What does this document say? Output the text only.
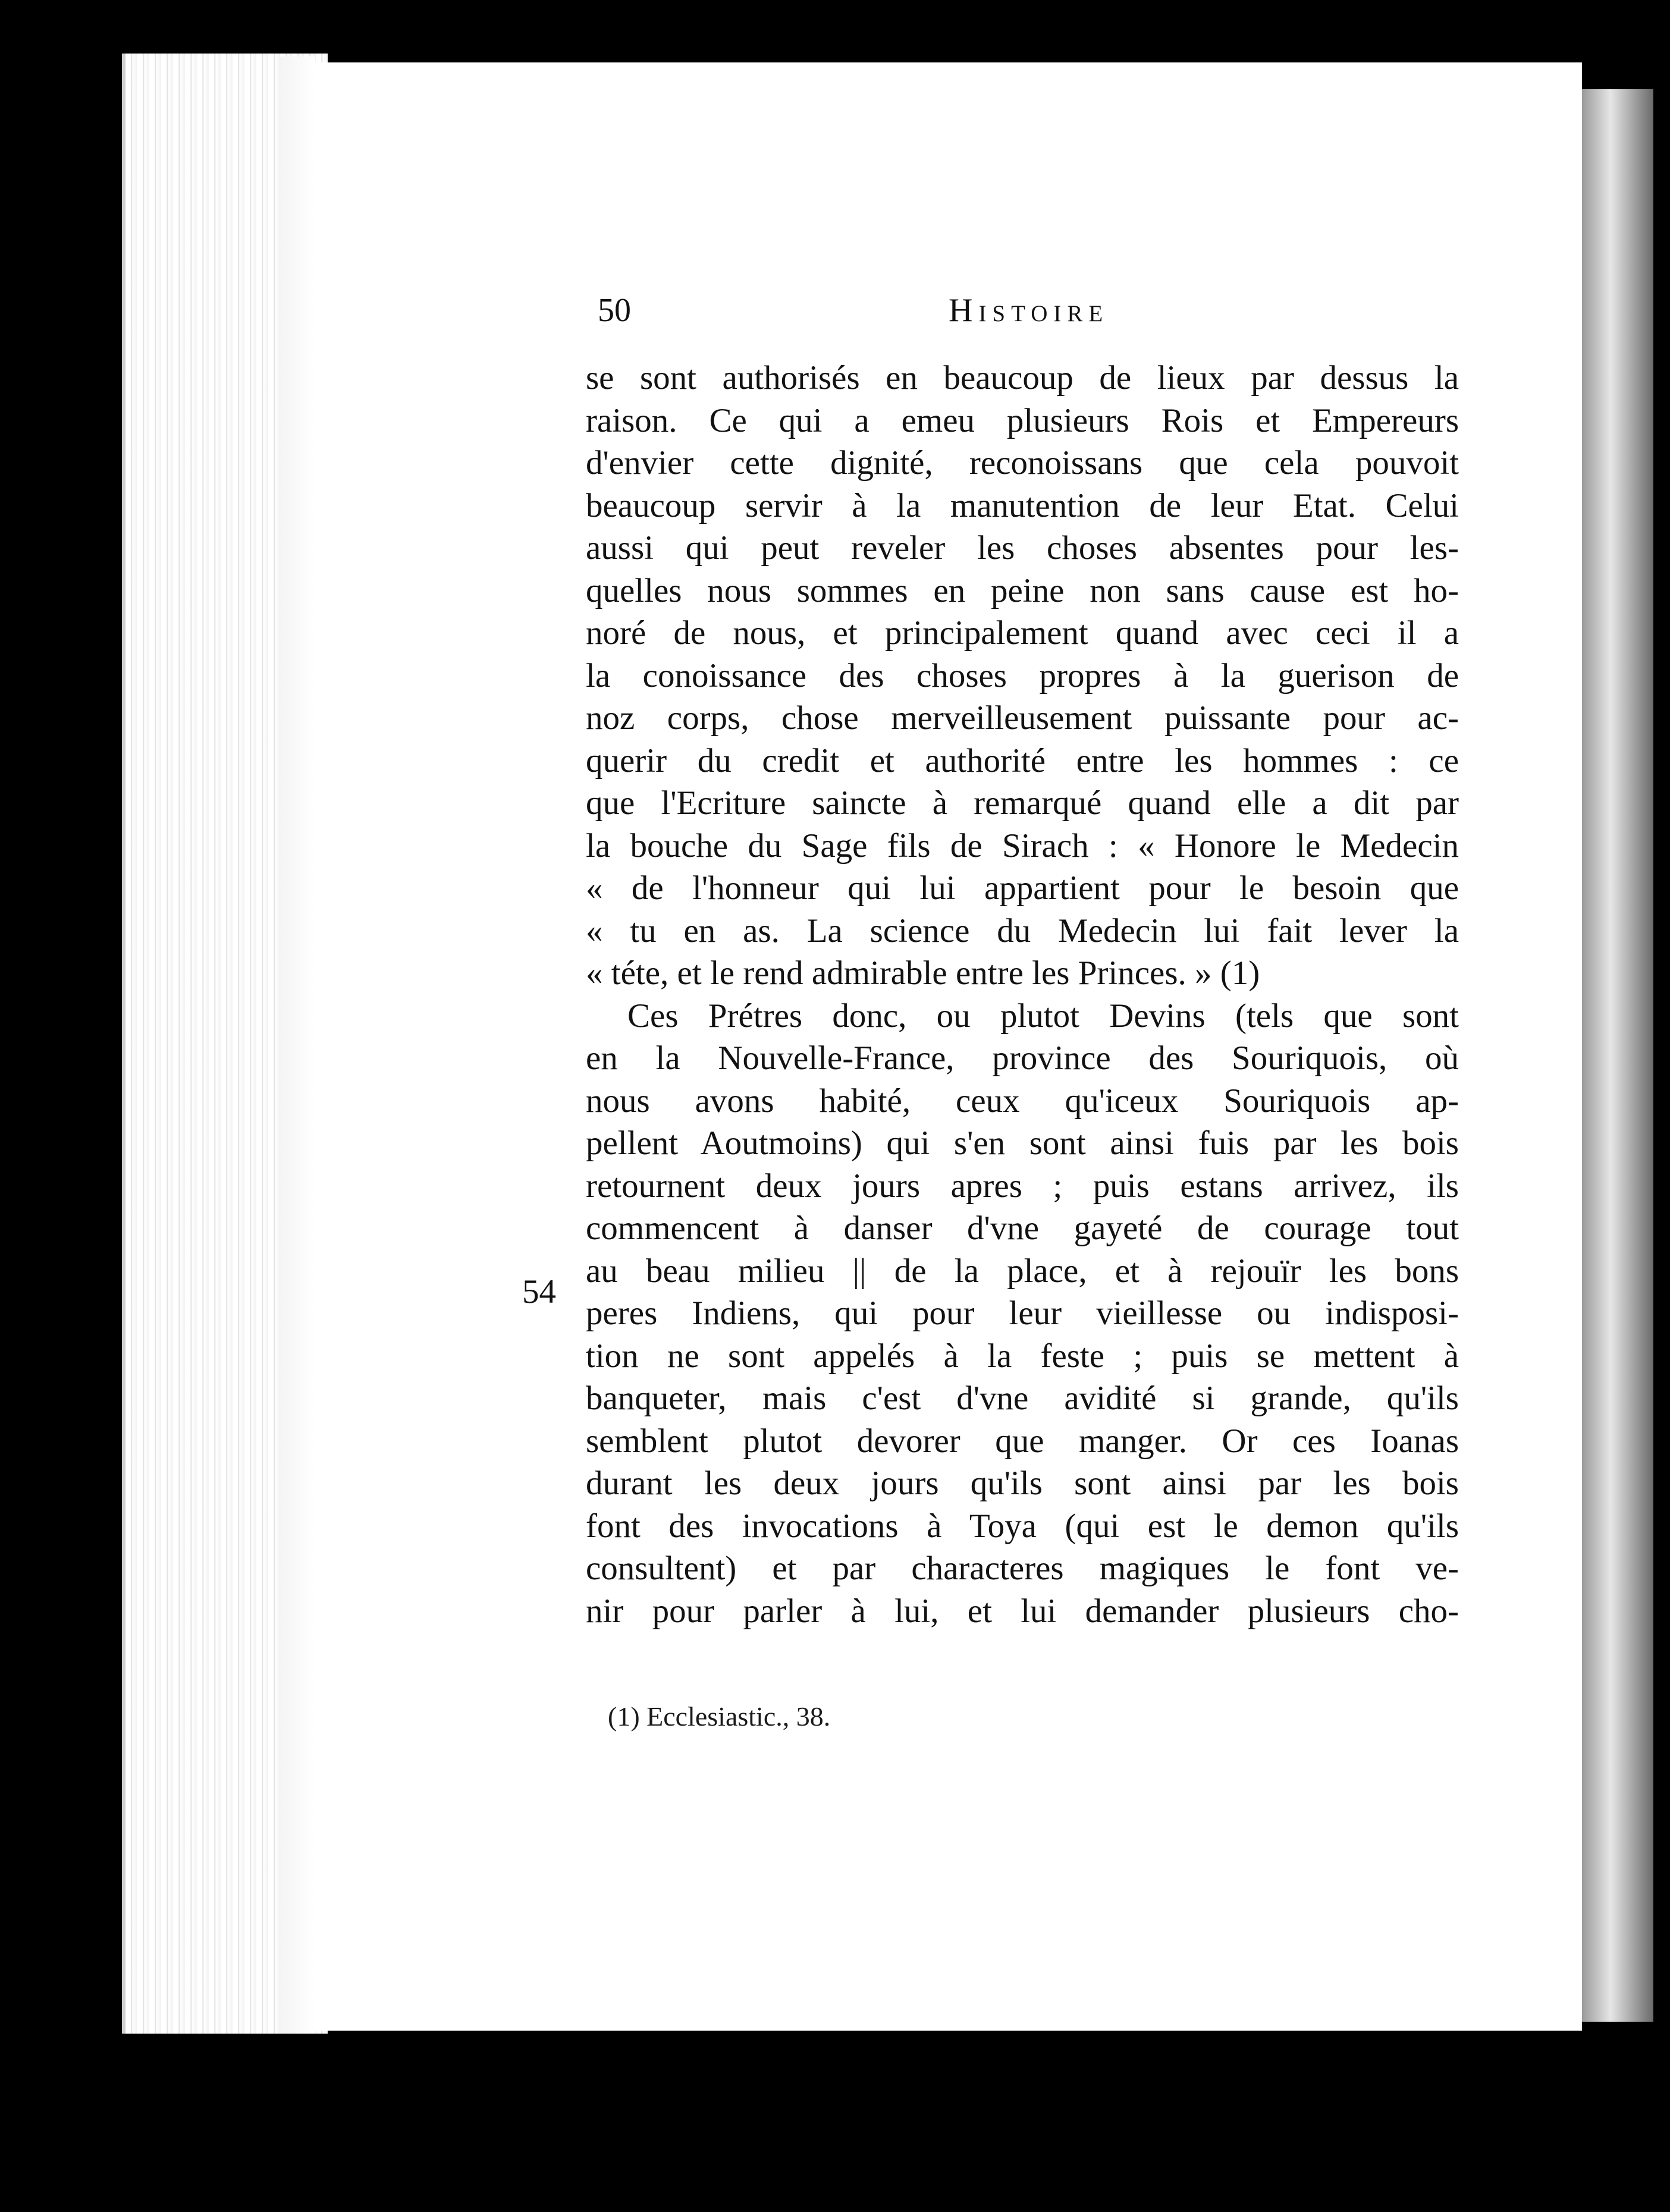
50	Histoire
se sont authorisés en beaucoup de lieux par dessus la
raison. Ce qui a emeu plusieurs Rois et Empereurs
d'envier cette dignité, reconoissans que cela pouvoit
beaucoup servir à la manutention de leur Etat. Celui
aussi qui peut reveler les choses absentes pour les-
quelles nous sommes en peine non sans cause est ho-
noré de nous, et principalement quand avec ceci il a
la conoissance des choses propres à la guerison de
noz corps, chose merveilleusement puissante pour ac-
querir du credit et authorité entre les hommes : ce
que l'Ecriture saincte à remarqué quand elle a dit par
la bouche du Sage fils de Sirach : « Honore le Medecin
« de l'honneur qui lui appartient pour le besoin que
« tu en as. La science du Medecin lui fait lever la
« téte, et le rend admirable entre les Princes. » (1)
Ces Prétres donc, ou plutot Devins (tels que sont
en la Nouvelle-France, province des Souriquois, où
nous avons habité, ceux qu'iceux Souriquois ap-
pellent Aoutmoins) qui s'en sont ainsi fuis par les bois
retournent deux jours apres ; puis estans arrivez, ils
commencent à danser d'vne gayeté de courage tout
au beau milieu || de la place, et à rejouïr les bons
peres Indiens, qui pour leur vieillesse ou indisposi-
tion ne sont appelés à la feste ; puis se mettent à
banqueter, mais c'est d'vne avidité si grande, qu'ils
semblent plutot devorer que manger. Or ces Ioanas
durant les deux jours qu'ils sont ainsi par les bois
font des invocations à Toya (qui est le demon qu'ils
consultent) et par characteres magiques le font ve-
nir pour parler à lui, et lui demander plusieurs cho-
54
(1) Ecclesiastic., 38.
